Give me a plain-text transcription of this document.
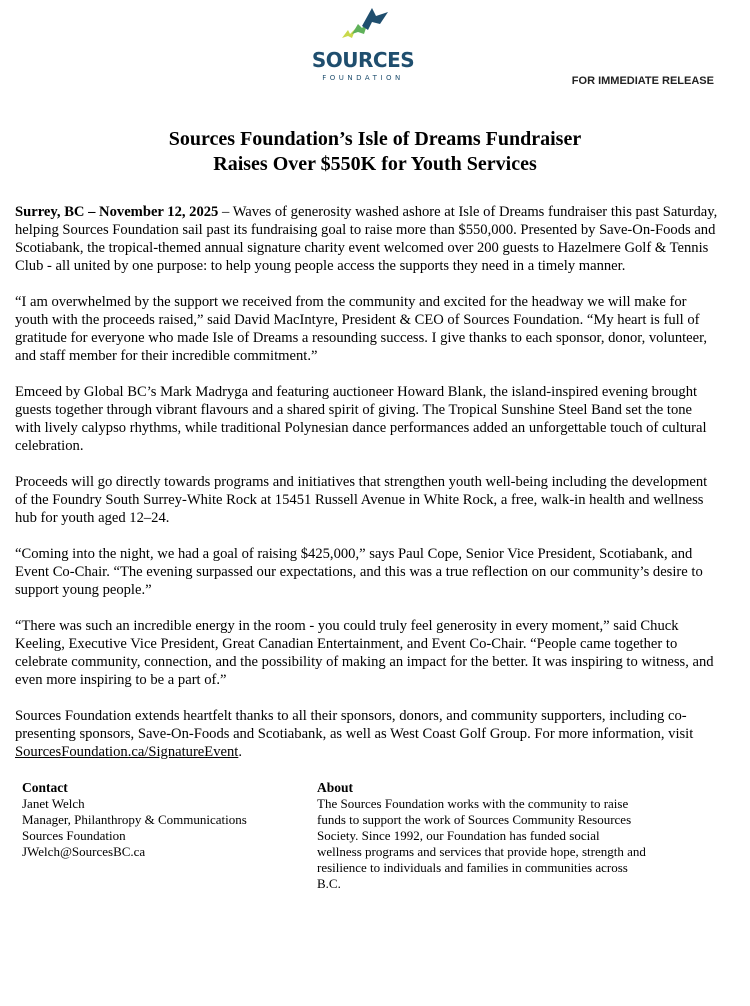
SOURCES
FOUNDATION	FOR IMMEDIATE RELEASE
Sources Foundation’s Isle of Dreams Fundraiser
Raises Over $550K for Youth Services

Surrey, BC – November 12, 2025 – Waves of generosity washed ashore at Isle of Dreams fundraiser this past Saturday, helping Sources Foundation sail past its fundraising goal to raise more than $550,000. Presented by Save-On-Foods and Scotiabank, the tropical-themed annual signature charity event welcomed over 200 guests to Hazelmere Golf & Tennis Club - all united by one purpose: to help young people access the supports they need in a timely manner.

“I am overwhelmed by the support we received from the community and excited for the headway we will make for youth with the proceeds raised,” said David MacIntyre, President & CEO of Sources Foundation. “My heart is full of gratitude for everyone who made Isle of Dreams a resounding success. I give thanks to each sponsor, donor, volunteer, and staff member for their incredible commitment.”

Emceed by Global BC’s Mark Madryga and featuring auctioneer Howard Blank, the island-inspired evening brought guests together through vibrant flavours and a shared spirit of giving. The Tropical Sunshine Steel Band set the tone with lively calypso rhythms, while traditional Polynesian dance performances added an unforgettable touch of cultural celebration.

Proceeds will go directly towards programs and initiatives that strengthen youth well-being including the development of the Foundry South Surrey-White Rock at 15451 Russell Avenue in White Rock, a free, walk-in health and wellness hub for youth aged 12–24.

“Coming into the night, we had a goal of raising $425,000,” says Paul Cope, Senior Vice President, Scotiabank, and Event Co-Chair. “The evening surpassed our expectations, and this was a true reflection on our community’s desire to support young people.”

“There was such an incredible energy in the room - you could truly feel generosity in every moment,” said Chuck Keeling, Executive Vice President, Great Canadian Entertainment, and Event Co-Chair. “People came together to celebrate community, connection, and the possibility of making an impact for the better. It was inspiring to witness, and even more inspiring to be a part of.”

Sources Foundation extends heartfelt thanks to all their sponsors, donors, and community supporters, including co-presenting sponsors, Save-On-Foods and Scotiabank, as well as West Coast Golf Group. For more information, visit SourcesFoundation.ca/SignatureEvent.

Contact
Janet Welch
Manager, Philanthropy & Communications
Sources Foundation
JWelch@SourcesBC.ca
About
The Sources Foundation works with the community to raise
funds to support the work of Sources Community Resources
Society. Since 1992, our Foundation has funded social
wellness programs and services that provide hope, strength and
resilience to individuals and families in communities across
B.C.
